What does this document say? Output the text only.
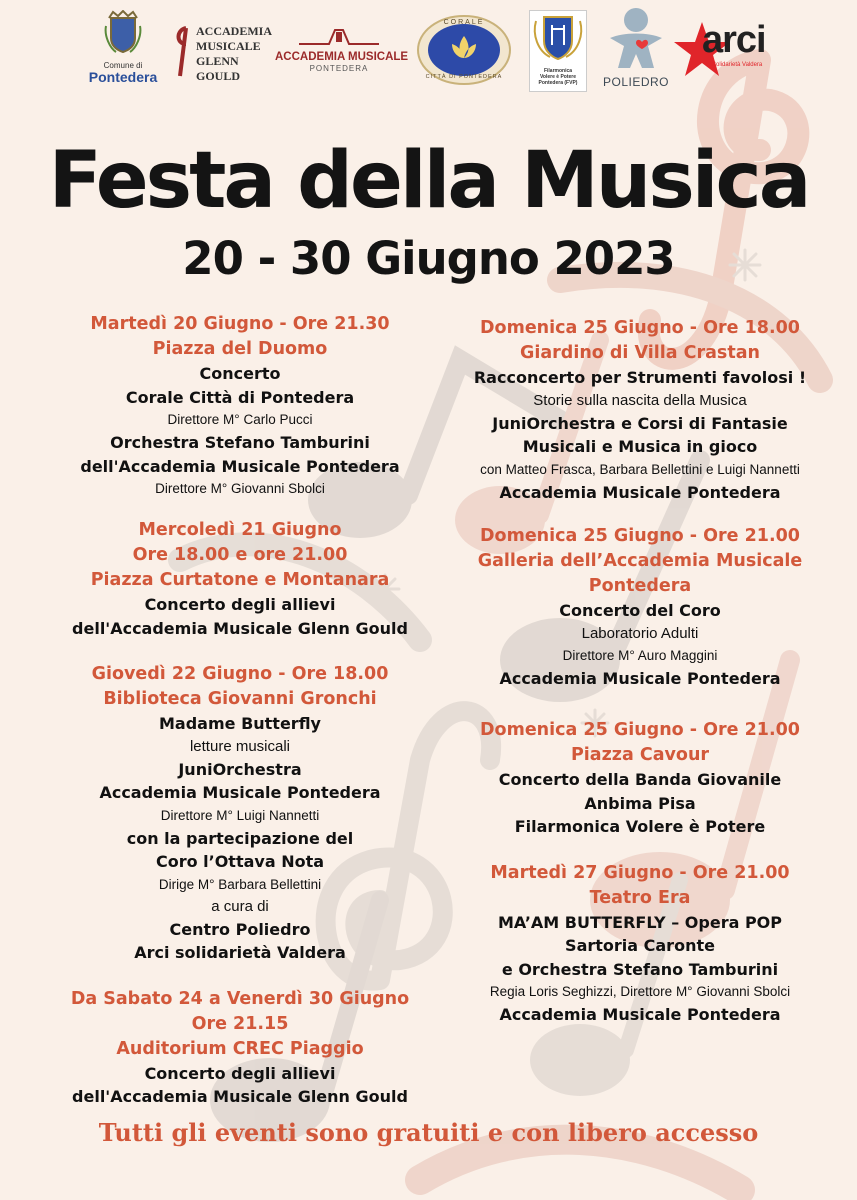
Comune di
Pontedera
ACCADEMIA
MUSICALE
GLENN GOULD
ACCADEMIA MUSICALE
PONTEDERA
CORALE
CITTÀ DI PONTEDERA
Filarmonica
Volere è Potere
Pontedera (FVP)	POLIEDRO
arci
Solidarietà Valdera
Festa della Musica
20 - 30 Giugno 2023
Martedì 20 Giugno - Ore 21.30
Piazza del Duomo
Concerto
Corale Città di Pontedera
Direttore M° Carlo Pucci
Orchestra Stefano Tamburini
dell'Accademia Musicale Pontedera
Direttore M° Giovanni Sbolci
Mercoledì 21 Giugno
Ore 18.00 e ore 21.00
Piazza Curtatone e Montanara
Concerto degli allievi
dell'Accademia Musicale Glenn Gould
Giovedì 22 Giugno - Ore 18.00
Biblioteca Giovanni Gronchi
Madame Butterfly
letture musicali
JuniOrchestra
Accademia Musicale Pontedera
Direttore M° Luigi Nannetti
con la partecipazione del
Coro l’Ottava Nota
Dirige M° Barbara Bellettini
a cura di
Centro Poliedro
Arci solidarietà Valdera
Da Sabato 24 a Venerdì 30 Giugno
Ore 21.15
Auditorium CREC Piaggio
Concerto degli allievi
dell'Accademia Musicale Glenn Gould
Domenica 25 Giugno - Ore 18.00
Giardino di Villa Crastan
Racconcerto per Strumenti favolosi !
Storie sulla nascita della Musica
JuniOrchestra e Corsi di Fantasie
Musicali e Musica in gioco
con Matteo Frasca, Barbara Bellettini e Luigi Nannetti
Accademia Musicale Pontedera
Domenica 25 Giugno - Ore 21.00
Galleria dell’Accademia Musicale
Pontedera
Concerto del Coro
Laboratorio Adulti
Direttore M° Auro Maggini
Accademia Musicale Pontedera
Domenica 25 Giugno - Ore 21.00
Piazza Cavour
Concerto della Banda Giovanile
Anbima Pisa
Filarmonica Volere è Potere
Martedì 27 Giugno - Ore 21.00
Teatro Era
MA’AM BUTTERFLY – Opera POP
Sartoria Caronte
e Orchestra Stefano Tamburini
Regia Loris Seghizzi, Direttore M° Giovanni Sbolci
Accademia Musicale Pontedera
Tutti gli eventi sono gratuiti e con libero accesso
